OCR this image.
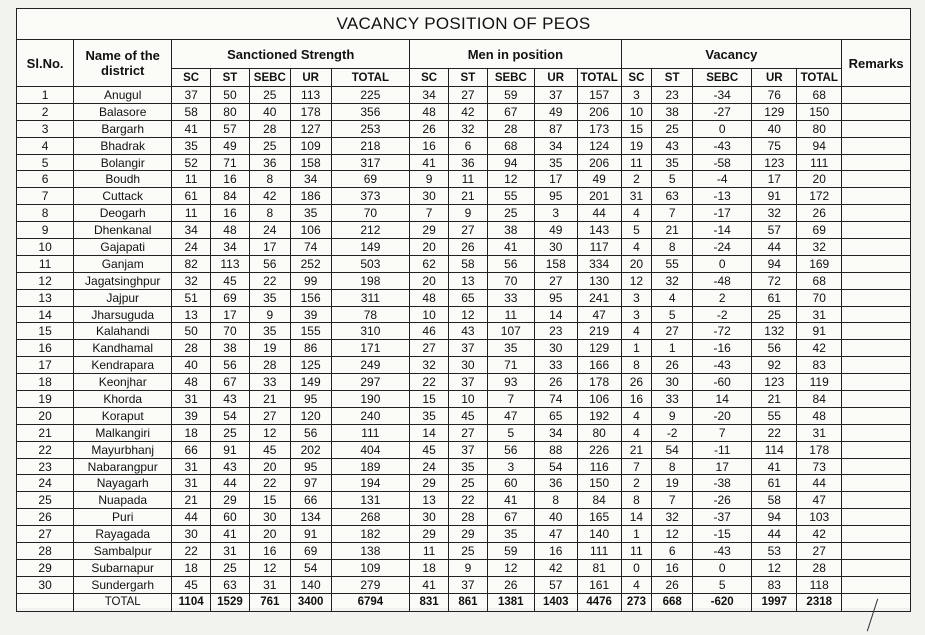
VACANCY POSITION OF PEOS																	
Sl.No.	Name of the district	Sanctioned Strength					Men in position					Vacancy					Remarks
		SC	ST	SEBC	UR	TOTAL	SC	ST	SEBC	UR	TOTAL	SC	ST	SEBC	UR	TOTAL	
1	Anugul	37	50	25	113	225	34	27	59	37	157	3	23	-34	76	68	
2	Balasore	58	80	40	178	356	48	42	67	49	206	10	38	-27	129	150	
3	Bargarh	41	57	28	127	253	26	32	28	87	173	15	25	0	40	80	
4	Bhadrak	35	49	25	109	218	16	6	68	34	124	19	43	-43	75	94	
5	Bolangir	52	71	36	158	317	41	36	94	35	206	11	35	-58	123	111	
6	Boudh	11	16	8	34	69	9	11	12	17	49	2	5	-4	17	20	
7	Cuttack	61	84	42	186	373	30	21	55	95	201	31	63	-13	91	172	
8	Deogarh	11	16	8	35	70	7	9	25	3	44	4	7	-17	32	26	
9	Dhenkanal	34	48	24	106	212	29	27	38	49	143	5	21	-14	57	69	
10	Gajapati	24	34	17	74	149	20	26	41	30	117	4	8	-24	44	32	
11	Ganjam	82	113	56	252	503	62	58	56	158	334	20	55	0	94	169	
12	Jagatsinghpur	32	45	22	99	198	20	13	70	27	130	12	32	-48	72	68	
13	Jajpur	51	69	35	156	311	48	65	33	95	241	3	4	2	61	70	
14	Jharsuguda	13	17	9	39	78	10	12	11	14	47	3	5	-2	25	31	
15	Kalahandi	50	70	35	155	310	46	43	107	23	219	4	27	-72	132	91	
16	Kandhamal	28	38	19	86	171	27	37	35	30	129	1	1	-16	56	42	
17	Kendrapara	40	56	28	125	249	32	30	71	33	166	8	26	-43	92	83	
18	Keonjhar	48	67	33	149	297	22	37	93	26	178	26	30	-60	123	119	
19	Khorda	31	43	21	95	190	15	10	7	74	106	16	33	14	21	84	
20	Koraput	39	54	27	120	240	35	45	47	65	192	4	9	-20	55	48	
21	Malkangiri	18	25	12	56	111	14	27	5	34	80	4	-2	7	22	31	
22	Mayurbhanj	66	91	45	202	404	45	37	56	88	226	21	54	-11	114	178	
23	Nabarangpur	31	43	20	95	189	24	35	3	54	116	7	8	17	41	73	
24	Nayagarh	31	44	22	97	194	29	25	60	36	150	2	19	-38	61	44	
25	Nuapada	21	29	15	66	131	13	22	41	8	84	8	7	-26	58	47	
26	Puri	44	60	30	134	268	30	28	67	40	165	14	32	-37	94	103	
27	Rayagada	30	41	20	91	182	29	29	35	47	140	1	12	-15	44	42	
28	Sambalpur	22	31	16	69	138	11	25	59	16	111	11	6	-43	53	27	
29	Subarnapur	18	25	12	54	109	18	9	12	42	81	0	16	0	12	28	
30	Sundergarh	45	63	31	140	279	41	37	26	57	161	4	26	5	83	118	
	TOTAL	1104	1529	761	3400	6794	831	861	1381	1403	4476	273	668	-620	1997	2318	
